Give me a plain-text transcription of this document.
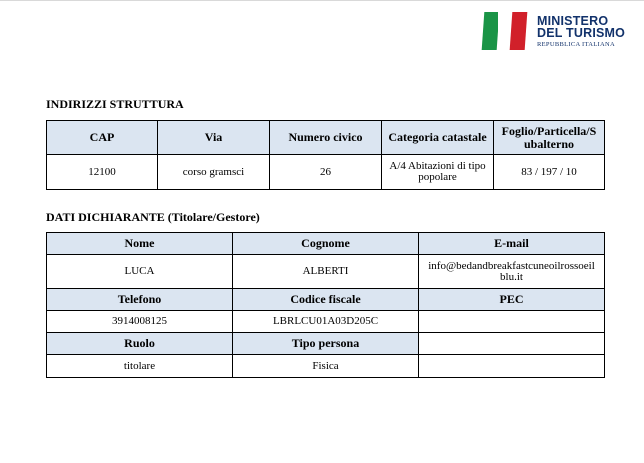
MINISTERO
DEL TURISMO
REPUBBLICA ITALIANA
INDIRIZZI STRUTTURA
CAP	Via	Numero civico	Categoria catastale	Foglio/Particella/S ubalterno
12100	corso gramsci	26	A/4 Abitazioni di tipo popolare	83 / 197 / 10
DATI DICHIARANTE (Titolare/Gestore)
Nome	Cognome	E-mail
LUCA	ALBERTI	info@bedandbreakfastcuneoilrossoeil blu.it
Telefono	Codice fiscale	PEC
3914008125	LBRLCU01A03D205C	
Ruolo	Tipo persona	
titolare	Fisica	
